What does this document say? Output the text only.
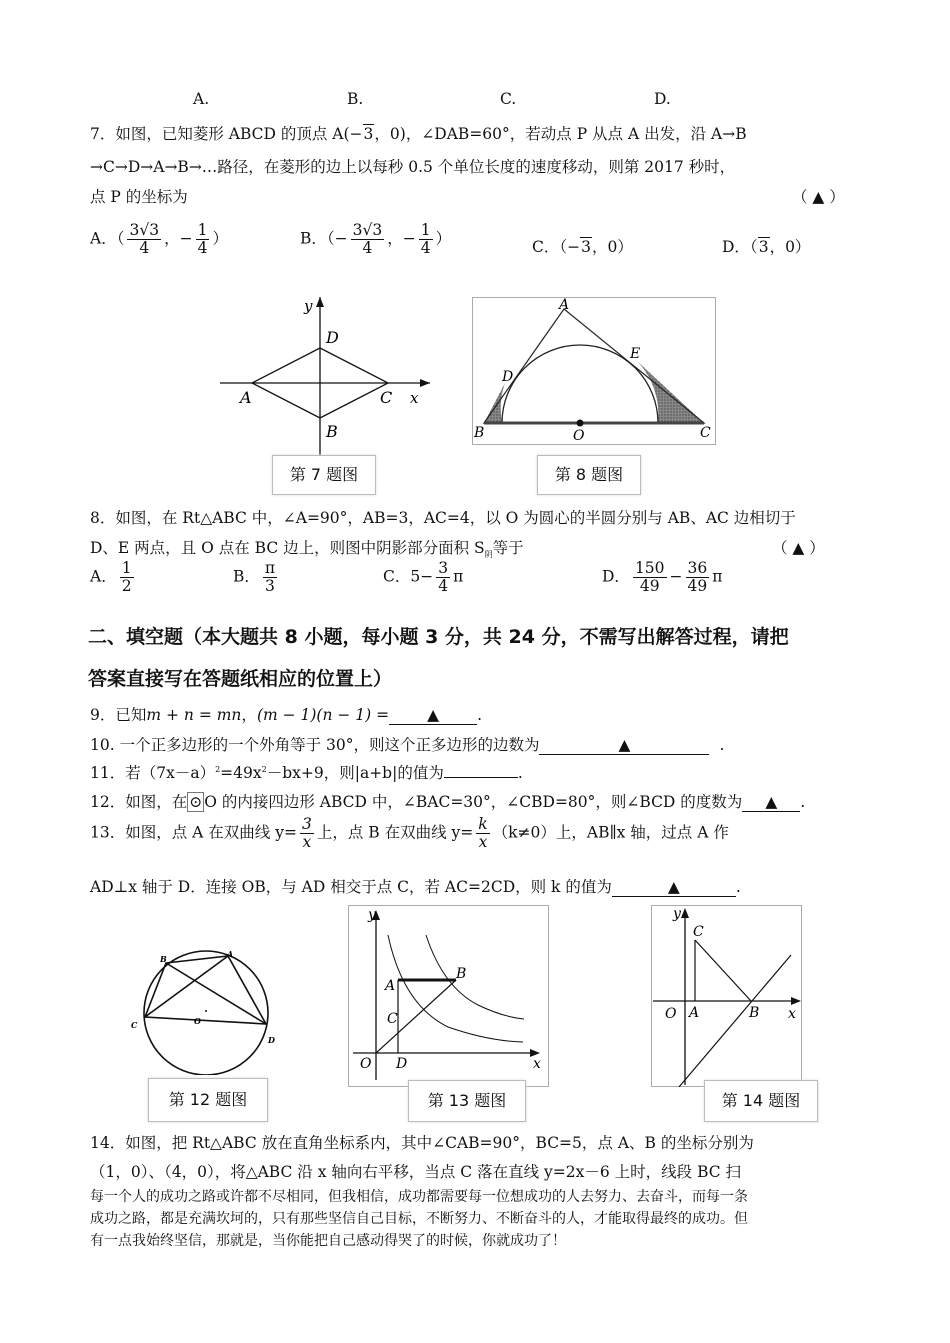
A.	B.	C.	D.
7．如图，已知菱形 ABCD 的顶点 A(−3，0)，∠DAB=60°，若动点 P 从点 A 出发，沿 A→B
→C→D→A→B→…路径，在菱形的边上以每秒 0.5 个单位长度的速度移动，则第 2017 秒时，
点 P 的坐标为	（ ▲ ）
A．（ $\frac{3√3}{4}$ ，− $\frac{1}{4}$ ）	B．（− $\frac{3√3}{4}$ ，− $\frac{1}{4}$ ）	C．（−3，0）	D．（3，0）
y
D
A	C x
B
第 7 题图
A
D
E
B	O	C
第 8 题图
8．如图，在 Rt△ABC 中，∠A=90°，AB=3，AC=4，以 O 为圆心的半圆分别与 AB、AC 边相切于
D、E 两点，且 O 点在 BC 边上，则图中阴影部分面积 $S_阴$等于	（ ▲ ）
A． $\frac{1}{2}$	B． $\frac{\pi}{3}$	C．$5- \frac{3}{4}$ π	D． $\frac{150}{49} - \frac{36}{49}$ π
二、填空题（本大题共 8 小题，每小题 3 分，共 24 分，不需写出解答过程，请把
答案直接写在答题纸相应的位置上）
9．已知m + n = mn，(m − 1)(n − 1) = ▲ .
10. 一个正多边形的一个外角等于 30°，则这个正多边形的边数为	▲	.
11．若$(7x-a)^2=49x^2-bx+9$，则|a+b|的值为	.
12．如图，在 ⊙ O 的内接四边形 ABCD 中，∠BAC=30°，∠CBD=80°，则∠BCD 的度数为 ▲ .
13．如图，点 A 在双曲线 $y= \frac{3}{x}$ 上，点 B 在双曲线 $y= \frac{k}{x} (k\ne 0)$上，AB∥x 轴，过点 A 作
AD⊥x 轴于 D．连接 OB，与 AD 相交于点 C，若 AC=2CD，则 k 的值为	▲	.
B	A
C	O
D
第 12 题图
y
A
B
C
O D	x
第 13 题图
y
C
O A	B x
第 14 题图
14．如图，把 Rt△ABC 放在直角坐标系内，其中∠CAB=90°，BC=5，点 A、B 的坐标分别为
（1，0）、（4，0），将△ABC 沿 x 轴向右平移，当点 C 落在直线 y=2x－6 上时，线段 BC 扫
每一个人的成功之路或许都不尽相同，但我相信，成功都需要每一位想成功的人去努力、去奋斗，而每一条
成功之路，都是充满坎坷的，只有那些坚信自己目标，不断努力、不断奋斗的人，才能取得最终的成功。但
有一点我始终坚信，那就是，当你能把自己感动得哭了的时候，你就成功了！
